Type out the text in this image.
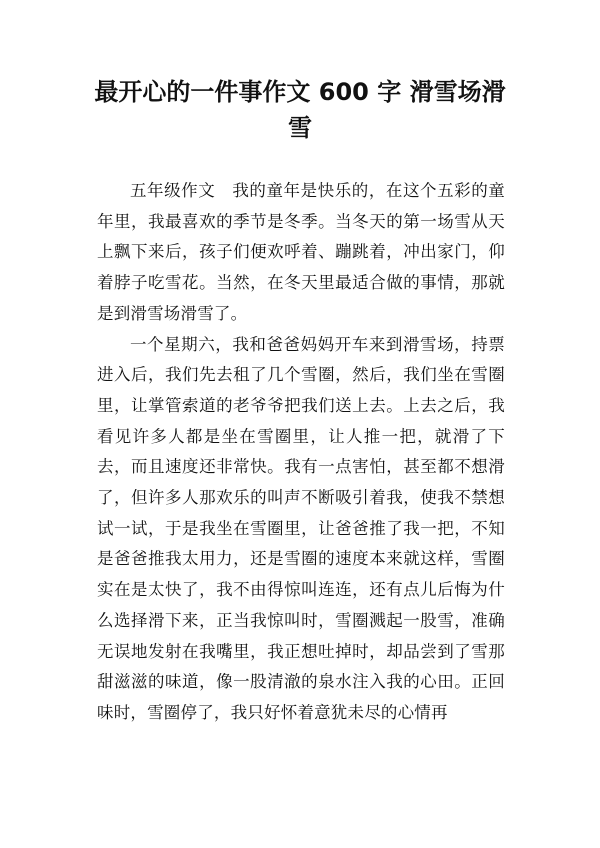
最开心的一件事作文 600 字 滑雪场滑雪

五年级作文　我的童年是快乐的，在这个五彩的童年里，我最喜欢的季节是冬季。当冬天的第一场雪从天上飘下来后，孩子们便欢呼着、蹦跳着，冲出家门，仰着脖子吃雪花。当然，在冬天里最适合做的事情，那就是到滑雪场滑雪了。

一个星期六，我和爸爸妈妈开车来到滑雪场，持票进入后，我们先去租了几个雪圈，然后，我们坐在雪圈里，让掌管索道的老爷爷把我们送上去。上去之后，我看见许多人都是坐在雪圈里，让人推一把，就滑了下去，而且速度还非常快。我有一点害怕，甚至都不想滑了，但许多人那欢乐的叫声不断吸引着我，使我不禁想试一试，于是我坐在雪圈里，让爸爸推了我一把，不知是爸爸推我太用力，还是雪圈的速度本来就这样，雪圈实在是太快了，我不由得惊叫连连，还有点儿后悔为什么选择滑下来，正当我惊叫时，雪圈溅起一股雪，准确无误地发射在我嘴里，我正想吐掉时，却品尝到了雪那甜滋滋的味道，像一股清澈的泉水注入我的心田。正回味时，雪圈停了，我只好怀着意犹未尽的心情再
